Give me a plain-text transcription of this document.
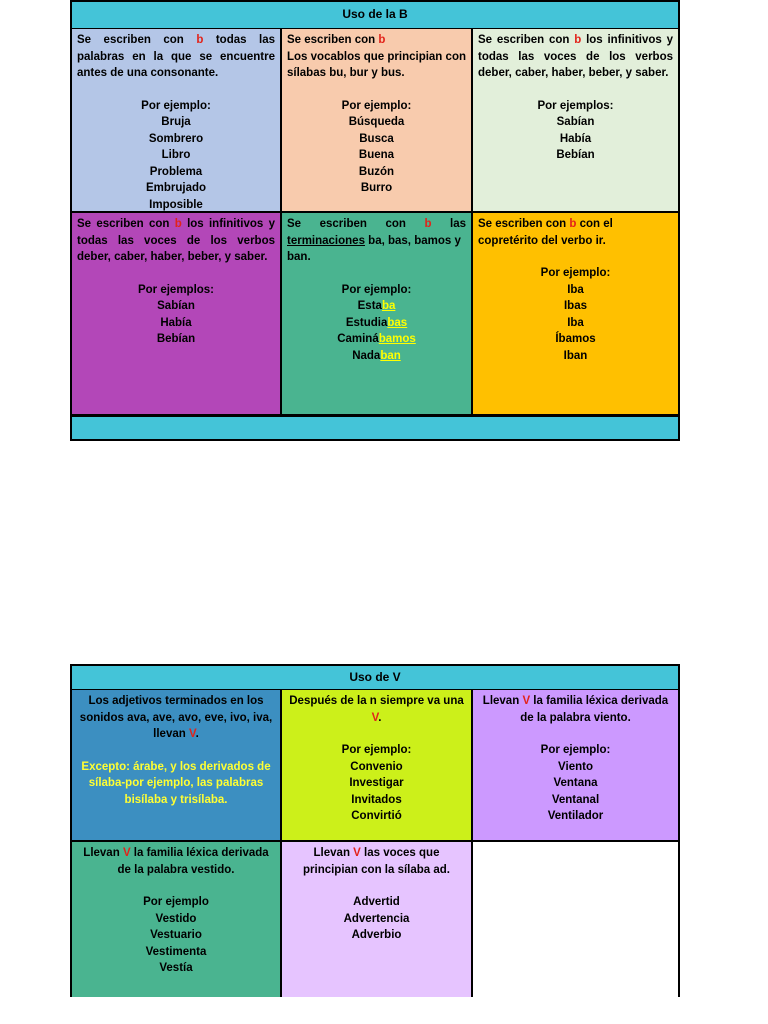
Uso de la B
Se escriben con b todas las palabras en la que se encuentre antes de una consonante.
Por ejemplo:
Bruja
Sombrero
Libro
Problema
Embrujado
Imposible
Se escriben con b
Los vocablos que principian con sílabas bu, bur y bus.
Por ejemplo:
Búsqueda
Busca
Buena
Buzón
Burro
Se escriben con b los infinitivos y todas las voces de los verbos deber, caber, haber, beber, y saber.
Por ejemplos:
Sabían
Había
Bebían
Se escriben con b los infinitivos y todas las voces de los verbos deber, caber, haber, beber, y saber.
Por ejemplos:
Sabían
Había
Bebían
Se escriben con b las
terminaciones ba, bas, bamos y ban.
Por ejemplo:
Estaba
Estudiabas
Caminábamos
Nadaban
Se escriben con b con el copretérito del verbo ir.
Por ejemplo:
Iba
Ibas
Iba
Íbamos
Iban
Uso de V
Los adjetivos terminados en los sonidos ava, ave, avo, eve, ivo, iva, llevan V.
Excepto: árabe, y los derivados de sílaba-por ejemplo, las palabras bisílaba y trisílaba.
Después de la n siempre va una V.
Por ejemplo:
Convenio
Investigar
Invitados
Convirtió
Llevan V la familia léxica derivada de la palabra viento.
Por ejemplo:
Viento
Ventana
Ventanal
Ventilador
Llevan V la familia léxica derivada de la palabra vestido.
Por ejemplo
Vestido
Vestuario
Vestimenta
Vestía
Llevan V las voces que principian con la sílaba ad.
Advertid
Advertencia
Adverbio
